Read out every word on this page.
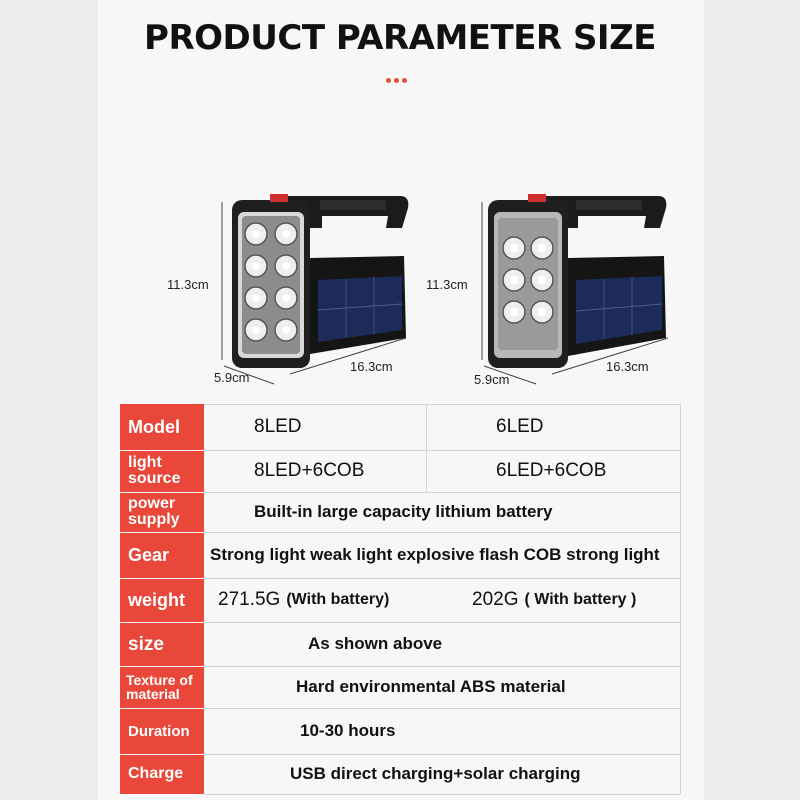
PRODUCT PARAMETER SIZE
11.3cm
5.9cm
16.3cm
11.3cm
5.9cm
16.3cm
Model	8LED	6LED
light source	8LED+6COB	6LED+6COB
power supply	Built-in large capacity lithium battery
Gear	Strong light weak light explosive flash COB strong light
weight	271.5G (With battery)	202G ( With battery )
size	As shown above
Texture of material	Hard environmental ABS material
Duration	10-30 hours
Charge	USB direct charging+solar charging
